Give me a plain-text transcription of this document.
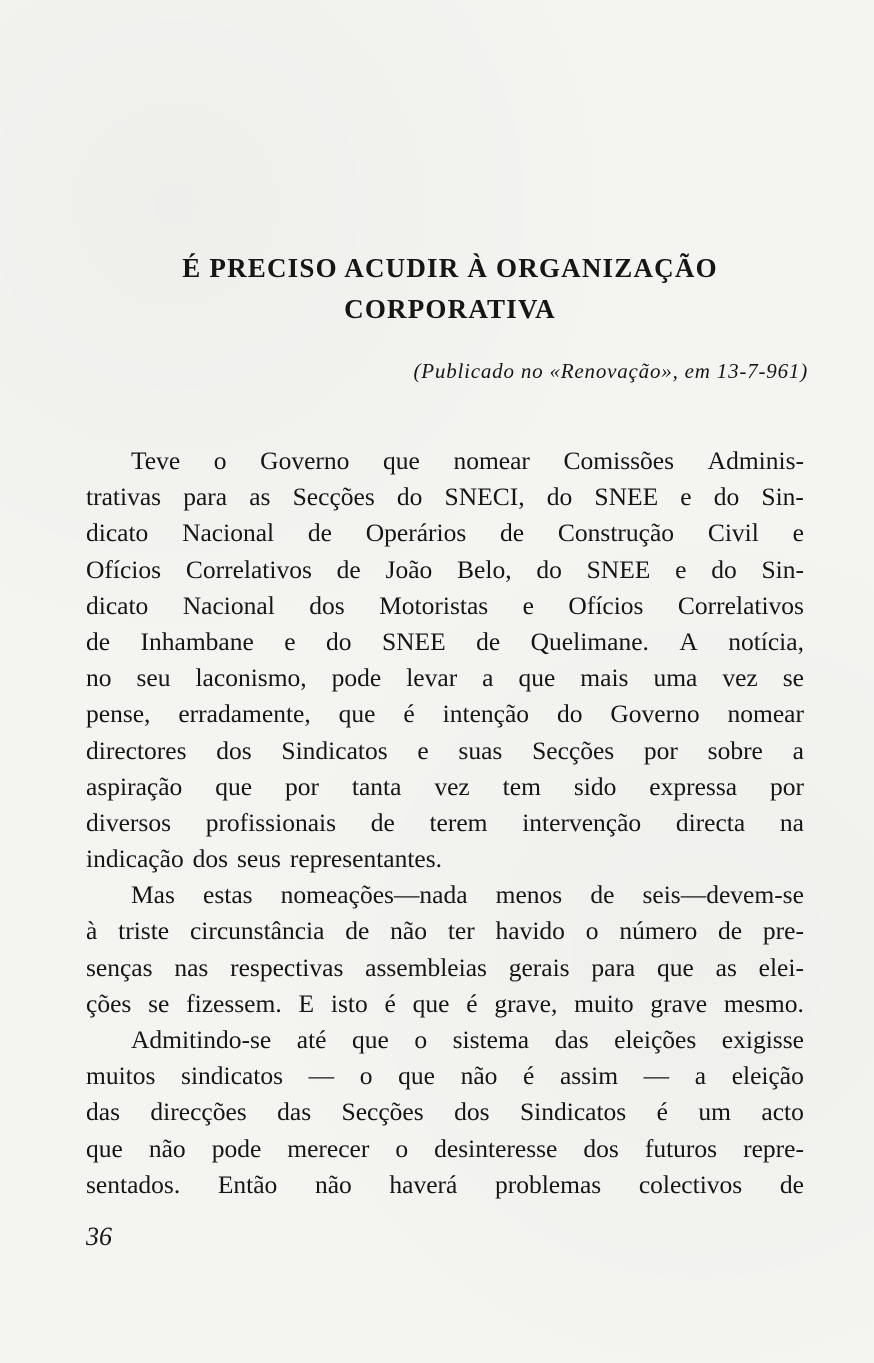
É PRECISO ACUDIR À ORGANIZAÇÃO
CORPORATIVA

(Publicado no «Renovação», em 13-7-961)

Teve o Governo que nomear Comissões Adminis-
trativas para as Secções do SNECI, do SNEE e do Sin-
dicato Nacional de Operários de Construção Civil e
Ofícios Correlativos de João Belo, do SNEE e do Sin-
dicato Nacional dos Motoristas e Ofícios Correlativos
de Inhambane e do SNEE de Quelimane. A notícia,
no seu laconismo, pode levar a que mais uma vez se
pense, erradamente, que é intenção do Governo nomear
directores dos Sindicatos e suas Secções por sobre a
aspiração que por tanta vez tem sido expressa por
diversos profissionais de terem intervenção directa na
indicação dos seus representantes.
Mas estas nomeações—nada menos de seis—devem-se
à triste circunstância de não ter havido o número de pre-
senças nas respectivas assembleias gerais para que as elei-
ções se fizessem. E isto é que é grave, muito grave mesmo.
Admitindo-se até que o sistema das eleições exigisse
muitos sindicatos — o que não é assim — a eleição
das direcções das Secções dos Sindicatos é um acto
que não pode merecer o desinteresse dos futuros repre-
sentados. Então não haverá problemas colectivos de

36
